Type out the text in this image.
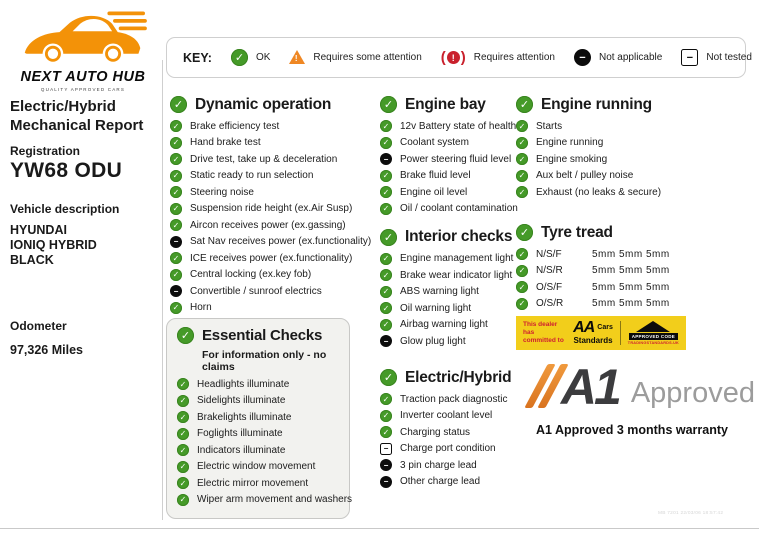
NEXT AUTO HUB
QUALITY APPROVED CARS
KEY: ✓	OK !	Requires some attention ( ! ) Requires attention −	Not applicable −	Not tested
Electric/Hybrid
Mechanical Report
Registration
YW68 ODU
Vehicle description
HYUNDAI
IONIQ HYBRID
BLACK
Odometer
97,326 Miles
✓
Dynamic operation
✓
Brake efficiency test
✓
Hand brake test
✓
Drive test, take up & deceleration
✓
Static ready to run selection
✓
Steering noise
✓
Suspension ride height (ex.Air Susp)
✓
Aircon receives power (ex.gassing)
−
Sat Nav receives power (ex.functionality)
✓
ICE receives power (ex.functionality)
✓
Central locking (ex.key fob)
−
Convertible / sunroof electrics
✓
Horn
✓
Essential Checks
For information only - no claims
✓
Headlights illuminate
✓
Sidelights illuminate
✓
Brakelights illuminate
✓
Foglights illuminate
✓
Indicators illuminate
✓
Electric window movement
✓
Electric mirror movement
✓
Wiper arm movement and washers
✓
Engine bay
✓
12v Battery state of health
✓
Coolant system
−
Power steering fluid level
✓
Brake fluid level
✓
Engine oil level
✓
Oil / coolant contamination
✓
Interior checks
✓
Engine management light
✓
Brake wear indicator light
✓
ABS warning light
✓
Oil warning light
✓
Airbag warning light
−
Glow plug light
✓
Electric/Hybrid
✓
Traction pack diagnostic
✓
Inverter coolant level
✓
Charging status
−
Charge port condition
−
3 pin charge lead
−
Other charge lead
✓
Engine running
✓
Starts
✓
Engine running
✓
Engine smoking
✓
Aux belt / pulley noise
✓
Exhaust (no leaks & secure)
✓
Tyre tread
✓
N/S/F	5mm 5mm 5mm
✓
N/S/R	5mm 5mm 5mm
✓
O/S/F	5mm 5mm 5mm
✓
O/S/R	5mm 5mm 5mm
This dealer has committed to
AA Cars
Standards	APPROVED CODE
TRADINGSTANDARDS.UK
A1 Approved
A1 Approved 3 months warranty
MB 7201 22/03/06 18:57:42
